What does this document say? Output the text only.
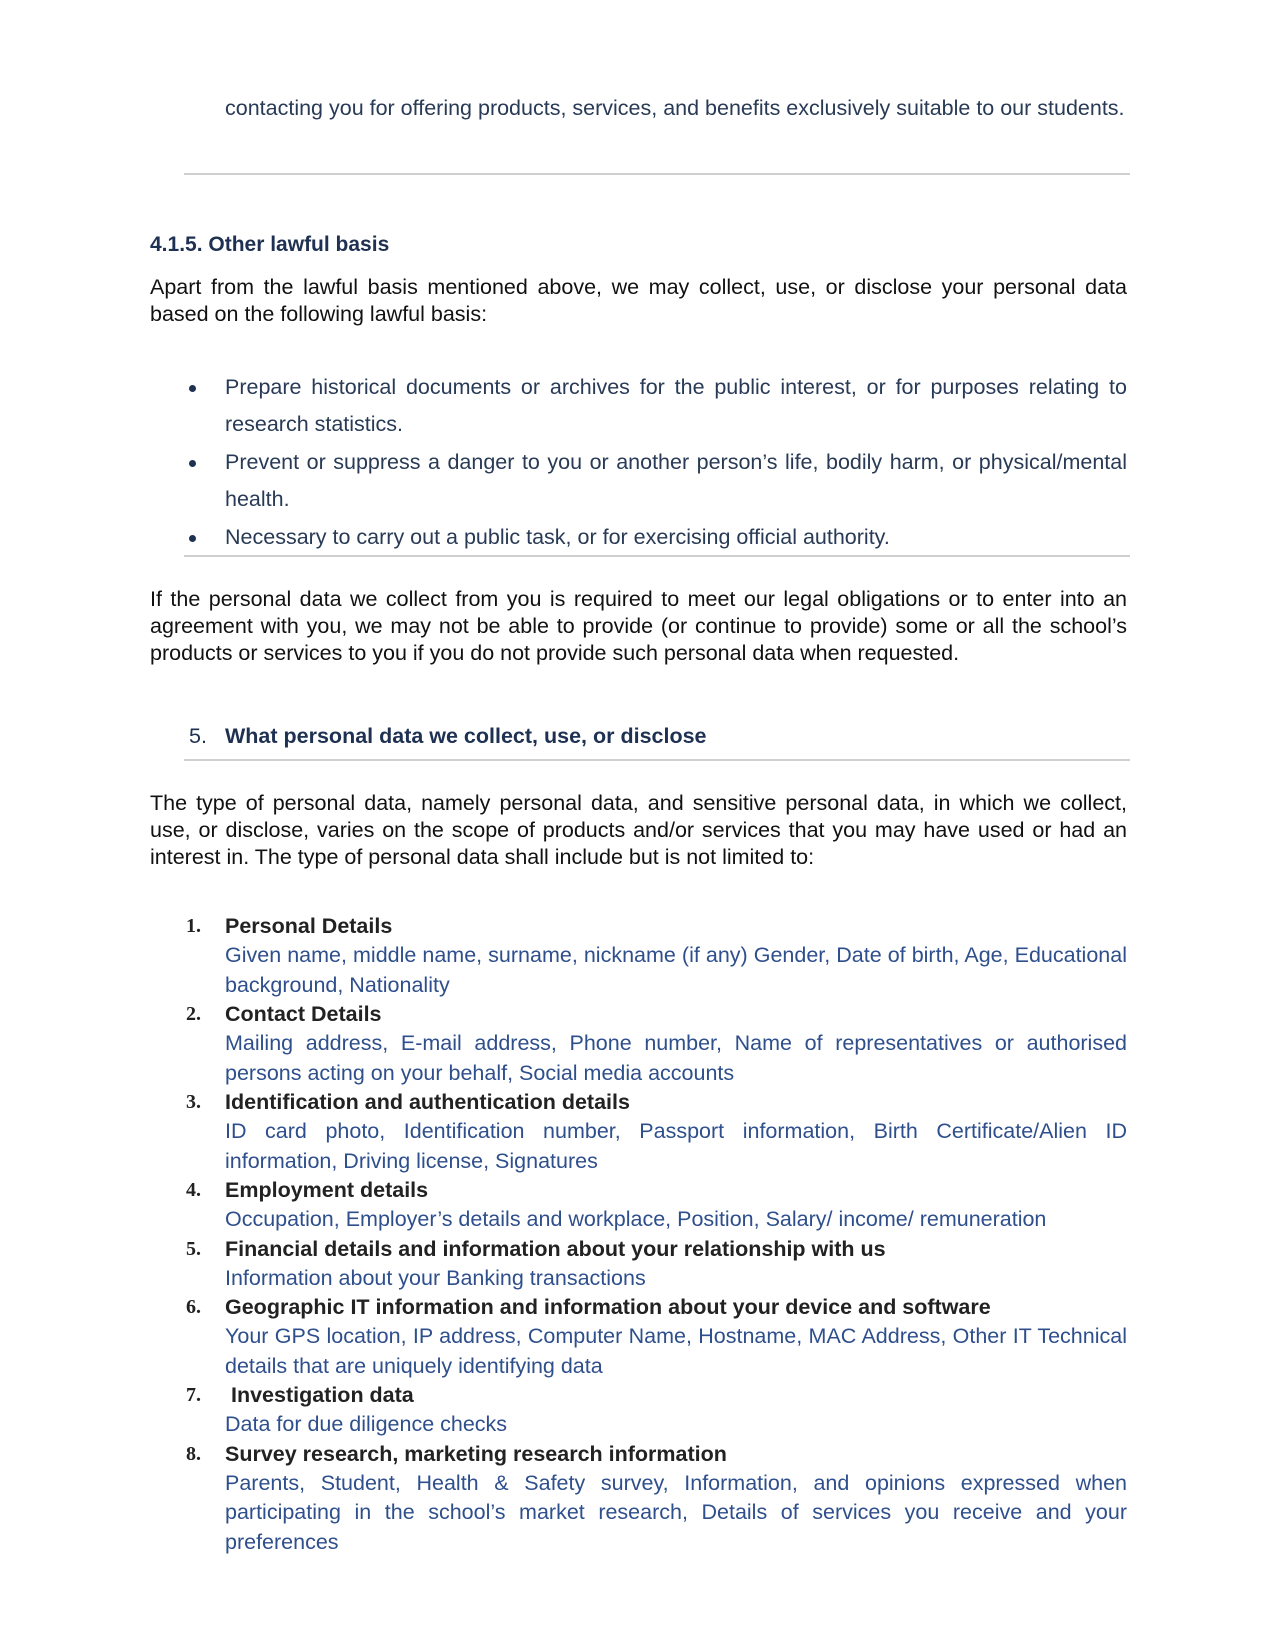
contacting you for offering products, services, and benefits exclusively suitable to our students.
4.1.5. Other lawful basis
Apart from the lawful basis mentioned above, we may collect, use, or disclose your personal data based on the following lawful basis:
Prepare historical documents or archives for the public interest, or for purposes relating to research statistics.
Prevent or suppress a danger to you or another person’s life, bodily harm, or physical/mental health.
Necessary to carry out a public task, or for exercising official authority.
If the personal data we collect from you is required to meet our legal obligations or to enter into an agreement with you, we may not be able to provide (or continue to provide) some or all the school’s products or services to you if you do not provide such personal data when requested.
5. What personal data we collect, use, or disclose
The type of personal data, namely personal data, and sensitive personal data, in which we collect, use, or disclose, varies on the scope of products and/or services that you may have used or had an interest in. The type of personal data shall include but is not limited to:
1. Personal Details
Given name, middle name, surname, nickname (if any) Gender, Date of birth, Age, Educational background, Nationality
2. Contact Details
Mailing address, E-mail address, Phone number, Name of representatives or authorised persons acting on your behalf, Social media accounts
3. Identification and authentication details
ID card photo, Identification number, Passport information, Birth Certificate/Alien ID information, Driving license, Signatures
4. Employment details
Occupation, Employer’s details and workplace, Position, Salary/ income/ remuneration
5. Financial details and information about your relationship with us
Information about your Banking transactions
6. Geographic IT information and information about your device and software
Your GPS location, IP address, Computer Name, Hostname, MAC Address, Other IT Technical details that are uniquely identifying data
7. Investigation data
Data for due diligence checks
8. Survey research, marketing research information
Parents, Student, Health & Safety survey, Information, and opinions expressed when participating in the school’s market research, Details of services you receive and your preferences
